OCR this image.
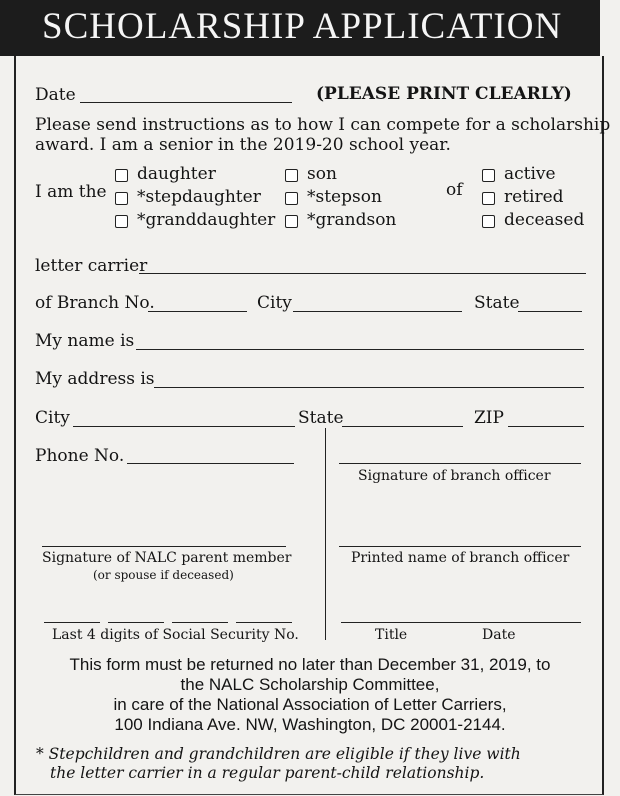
SCHOLARSHIP APPLICATION
Date	(PLEASE PRINT CLEARLY)
Please send instructions as to how I can compete for a scholarship
award. I am a senior in the 2019-20 school year.
I am the
daughter
*stepdaughter
*granddaughter
son
*stepson
*grandson
of
active
retired
deceased
letter carrier
of Branch No.	City	State
My name is
My address is
City	State	ZIP
Phone No.
Signature of branch officer
Signature of NALC parent member
(or spouse if deceased)
Printed name of branch officer
Last 4 digits of Social Security No.	Title	Date
This form must be returned no later than December 31, 2019, to
the NALC Scholarship Committee,
in care of the National Association of Letter Carriers,
100 Indiana Ave. NW, Washington, DC 20001-2144.
* Stepchildren and grandchildren are eligible if they live with
the letter carrier in a regular parent-child relationship.
